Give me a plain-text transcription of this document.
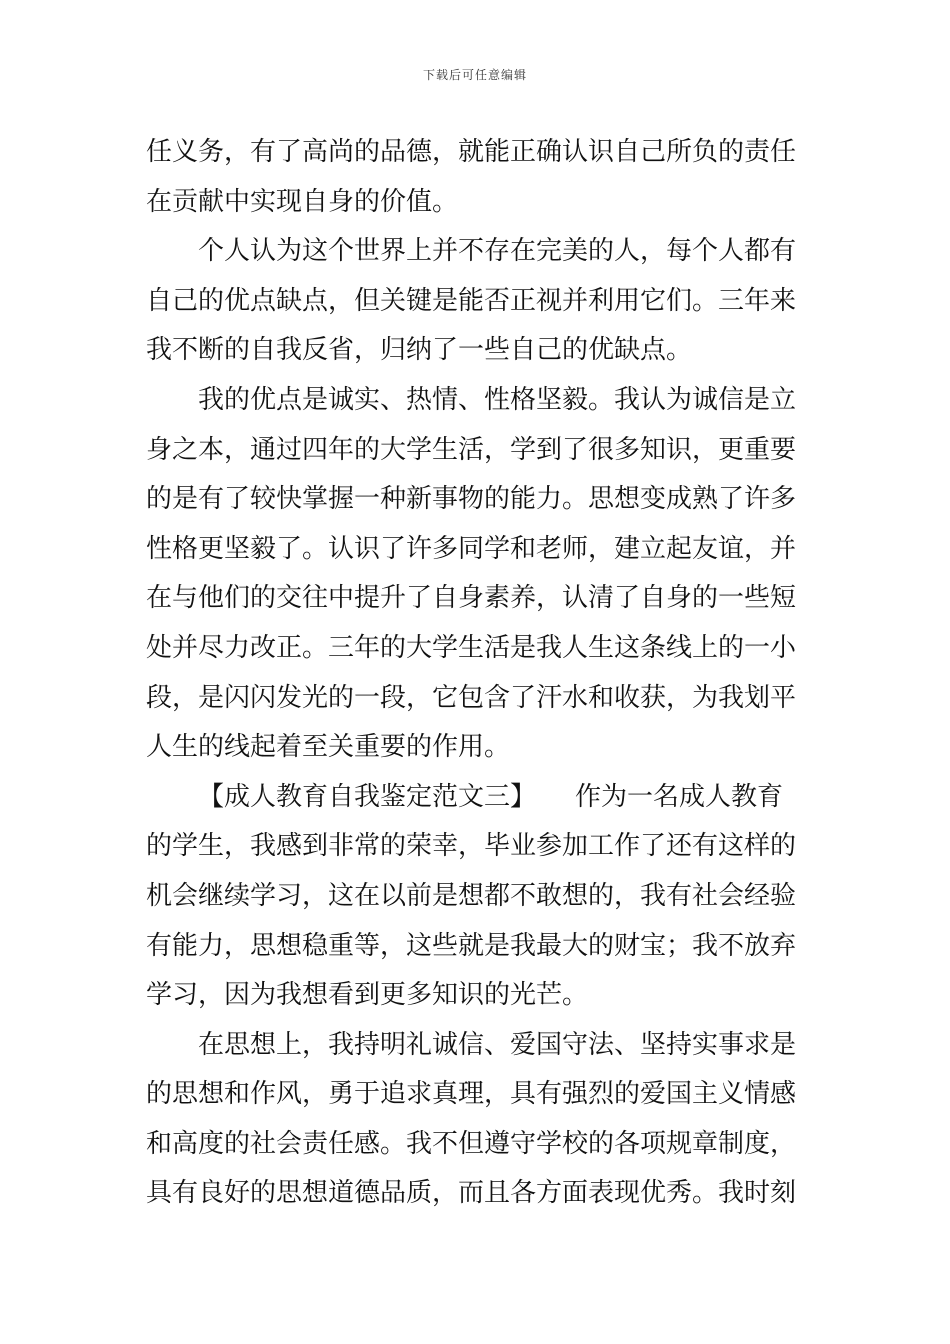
下载后可任意编辑

任义务，有了高尚的品德，就能正确认识自己所负的责任
在贡献中实现自身的价值。

个人认为这个世界上并不存在完美的人，每个人都有
自己的优点缺点，但关键是能否正视并利用它们。三年来
我不断的自我反省，归纳了一些自己的优缺点。

我的优点是诚实、热情、性格坚毅。我认为诚信是立
身之本，通过四年的大学生活，学到了很多知识，更重要
的是有了较快掌握一种新事物的能力。思想变成熟了许多
性格更坚毅了。认识了许多同学和老师，建立起友谊，并
在与他们的交往中提升了自身素养，认清了自身的一些短
处并尽力改正。三年的大学生活是我人生这条线上的一小
段，是闪闪发光的一段，它包含了汗水和收获，为我划平
人生的线起着至关重要的作用。

【成人教育自我鉴定范文三】　　作为一名成人教育
的学生，我感到非常的荣幸，毕业参加工作了还有这样的
机会继续学习，这在以前是想都不敢想的，我有社会经验
有能力，思想稳重等，这些就是我最大的财宝；我不放弃
学习，因为我想看到更多知识的光芒。

在思想上，我持明礼诚信、爱国守法、坚持实事求是
的思想和作风，勇于追求真理，具有强烈的爱国主义情感
和高度的社会责任感。我不但遵守学校的各项规章制度，
具有良好的思想道德品质，而且各方面表现优秀。我时刻
